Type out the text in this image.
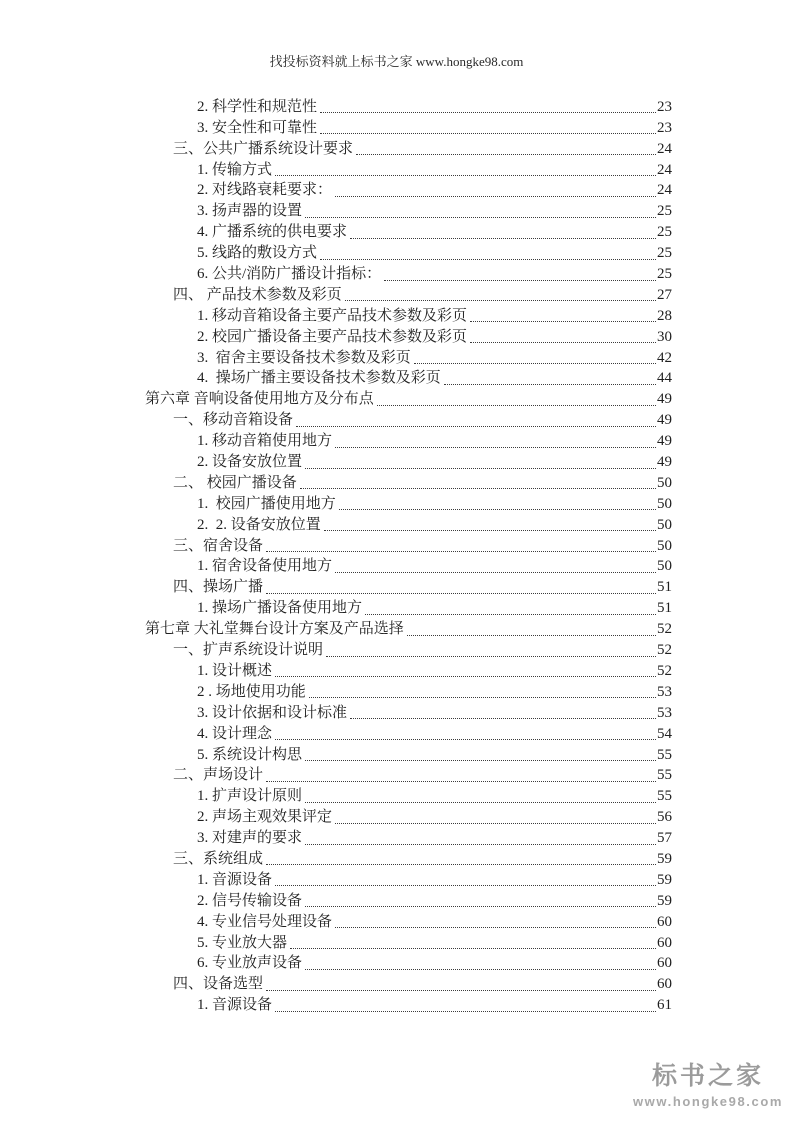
找投标资料就上标书之家 www.hongke98.com
2. 科学性和规范性	23
3. 安全性和可靠性	23
三、公共广播系统设计要求	24
1. 传输方式	24
2. 对线路衰耗要求：	24
3. 扬声器的设置	25
4. 广播系统的供电要求	25
5. 线路的敷设方式	25
6. 公共/消防广播设计指标：	25
四、 产品技术参数及彩页	27
1. 移动音箱设备主要产品技术参数及彩页	28
2. 校园广播设备主要产品技术参数及彩页	30
3.  宿舍主要设备技术参数及彩页	42
4.  操场广播主要设备技术参数及彩页	44
第六章 音响设备使用地方及分布点	49
一、移动音箱设备	49
1. 移动音箱使用地方	49
2. 设备安放位置	49
二、 校园广播设备	50
1.  校园广播使用地方	50
2.  2. 设备安放位置	50
三、宿舍设备	50
1. 宿舍设备使用地方	50
四、操场广播	51
1. 操场广播设备使用地方	51
第七章 大礼堂舞台设计方案及产品选择	52
一、扩声系统设计说明	52
1. 设计概述	52
2 . 场地使用功能	53
3. 设计依据和设计标准	53
4. 设计理念	54
5. 系统设计构思	55
二、声场设计	55
1. 扩声设计原则	55
2. 声场主观效果评定	56
3. 对建声的要求	57
三、系统组成	59
1. 音源设备	59
2. 信号传输设备	59
4. 专业信号处理设备	60
5. 专业放大器	60
6. 专业放声设备	60
四、设备选型	60
1. 音源设备	61
标书之家
www.hongke98.com
